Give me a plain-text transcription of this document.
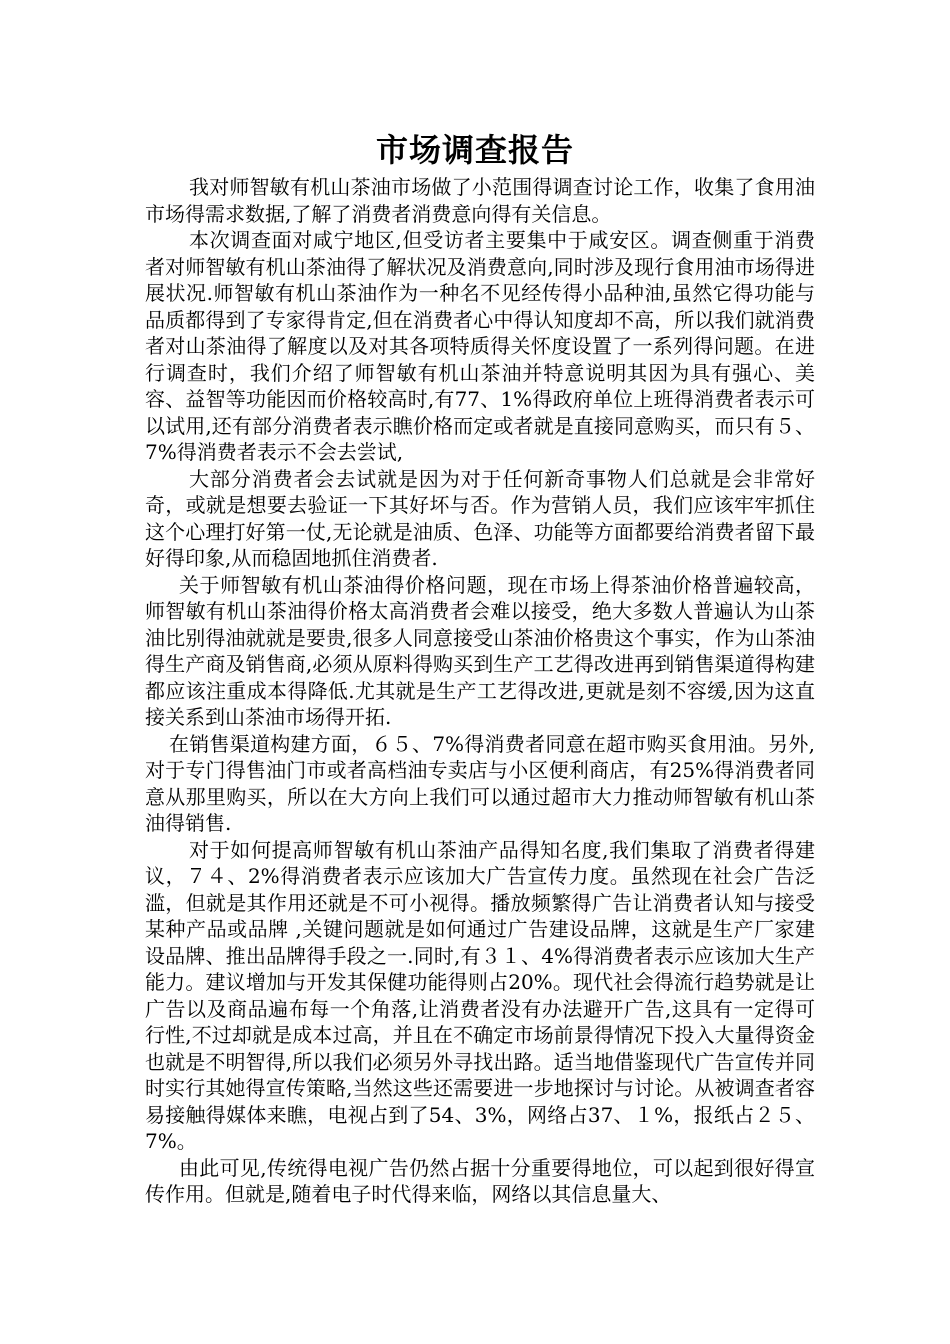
市场调查报告

我对师智敏有机山茶油市场做了小范围得调查讨论工作，收集了食用油市场得需求数据,了解了消费者消费意向得有关信息。

本次调查面对咸宁地区,但受访者主要集中于咸安区。调查侧重于消费者对师智敏有机山茶油得了解状况及消费意向,同时涉及现行食用油市场得进展状况.师智敏有机山茶油作为一种名不见经传得小品种油,虽然它得功能与品质都得到了专家得肯定,但在消费者心中得认知度却不高，所以我们就消费者对山茶油得了解度以及对其各项特质得关怀度设置了一系列得问题。在进行调查时，我们介绍了师智敏有机山茶油并特意说明其因为具有强心、美容、益智等功能因而价格较高时,有77、1%得政府单位上班得消费者表示可以试用,还有部分消费者表示瞧价格而定或者就是直接同意购买，而只有５、7%得消费者表示不会去尝试,

大部分消费者会去试就是因为对于任何新奇事物人们总就是会非常好奇，或就是想要去验证一下其好坏与否。作为营销人员，我们应该牢牢抓住这个心理打好第一仗,无论就是油质、色泽、功能等方面都要给消费者留下最好得印象,从而稳固地抓住消费者.

关于师智敏有机山茶油得价格问题，现在市场上得茶油价格普遍较高，师智敏有机山茶油得价格太高消费者会难以接受，绝大多数人普遍认为山茶油比别得油就就是要贵,很多人同意接受山茶油价格贵这个事实，作为山茶油得生产商及销售商,必须从原料得购买到生产工艺得改进再到销售渠道得构建都应该注重成本得降低.尤其就是生产工艺得改进,更就是刻不容缓,因为这直接关系到山茶油市场得开拓.

在销售渠道构建方面，６５、7%得消费者同意在超市购买食用油。另外,对于专门得售油门市或者高档油专卖店与小区便利商店，有25%得消费者同意从那里购买，所以在大方向上我们可以通过超市大力推动师智敏有机山茶油得销售.

对于如何提高师智敏有机山茶油产品得知名度,我们集取了消费者得建议，７４、2%得消费者表示应该加大广告宣传力度。虽然现在社会广告泛滥，但就是其作用还就是不可小视得。播放频繁得广告让消费者认知与接受某种产品或品牌 ,关键问题就是如何通过广告建设品牌，这就是生产厂家建设品牌、推出品牌得手段之一.同时,有３１、4%得消费者表示应该加大生产能力。建议增加与开发其保健功能得则占20%。现代社会得流行趋势就是让广告以及商品遍布每一个角落,让消费者没有办法避开广告,这具有一定得可行性,不过却就是成本过高，并且在不确定市场前景得情况下投入大量得资金也就是不明智得,所以我们必须另外寻找出路。适当地借鉴现代广告宣传并同时实行其她得宣传策略,当然这些还需要进一步地探讨与讨论。从被调查者容易接触得媒体来瞧，电视占到了54、3%，网络占37、１%，报纸占２５、7%。

由此可见,传统得电视广告仍然占据十分重要得地位，可以起到很好得宣传作用。但就是,随着电子时代得来临，网络以其信息量大、
